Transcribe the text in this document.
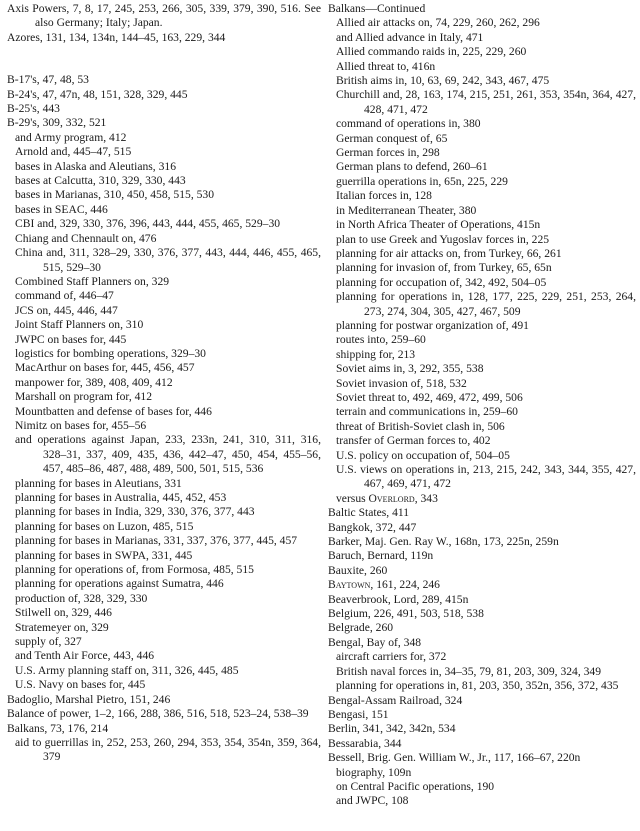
Axis Powers, 7, 8, 17, 245, 253, 266, 305, 339, 379, 390, 516. See also Germany; Italy; Japan.
Azores, 131, 134, 134n, 144–45, 163, 229, 344
B-17's, 47, 48, 53
B-24's, 47, 47n, 48, 151, 328, 329, 445
B-25's, 443
B-29's, 309, 332, 521
and Army program, 412
Arnold and, 445–47, 515
bases in Alaska and Aleutians, 316
bases at Calcutta, 310, 329, 330, 443
bases in Marianas, 310, 450, 458, 515, 530
bases in SEAC, 446
CBI and, 329, 330, 376, 396, 443, 444, 455, 465, 529–30
Chiang and Chennault on, 476
China and, 311, 328–29, 330, 376, 377, 443, 444, 446, 455, 465, 515, 529–30
Combined Staff Planners on, 329
command of, 446–47
JCS on, 445, 446, 447
Joint Staff Planners on, 310
JWPC on bases for, 445
logistics for bombing operations, 329–30
MacArthur on bases for, 445, 456, 457
manpower for, 389, 408, 409, 412
Marshall on program for, 412
Mountbatten and defense of bases for, 446
Nimitz on bases for, 455–56
and operations against Japan, 233, 233n, 241, 310, 311, 316, 328–31, 337, 409, 435, 436, 442–47, 450, 454, 455–56, 457, 485–86, 487, 488, 489, 500, 501, 515, 536
planning for bases in Aleutians, 331
planning for bases in Australia, 445, 452, 453
planning for bases in India, 329, 330, 376, 377, 443
planning for bases on Luzon, 485, 515
planning for bases in Marianas, 331, 337, 376, 377, 445, 457
planning for bases in SWPA, 331, 445
planning for operations of, from Formosa, 485, 515
planning for operations against Sumatra, 446
production of, 328, 329, 330
Stilwell on, 329, 446
Stratemeyer on, 329
supply of, 327
and Tenth Air Force, 443, 446
U.S. Army planning staff on, 311, 326, 445, 485
U.S. Navy on bases for, 445
Badoglio, Marshal Pietro, 151, 246
Balance of power, 1–2, 166, 288, 386, 516, 518, 523–24, 538–39
Balkans, 73, 176, 214
aid to guerrillas in, 252, 253, 260, 294, 353, 354, 354n, 359, 364, 379
Balkans—Continued
Allied air attacks on, 74, 229, 260, 262, 296
and Allied advance in Italy, 471
Allied commando raids in, 225, 229, 260
Allied threat to, 416n
British aims in, 10, 63, 69, 242, 343, 467, 475
Churchill and, 28, 163, 174, 215, 251, 261, 353, 354n, 364, 427, 428, 471, 472
command of operations in, 380
German conquest of, 65
German forces in, 298
German plans to defend, 260–61
guerrilla operations in, 65n, 225, 229
Italian forces in, 128
in Mediterranean Theater, 380
in North Africa Theater of Operations, 415n
plan to use Greek and Yugoslav forces in, 225
planning for air attacks on, from Turkey, 66, 261
planning for invasion of, from Turkey, 65, 65n
planning for occupation of, 342, 492, 504–05
planning for operations in, 128, 177, 225, 229, 251, 253, 264, 273, 274, 304, 305, 427, 467, 509
planning for postwar organization of, 491
routes into, 259–60
shipping for, 213
Soviet aims in, 3, 292, 355, 538
Soviet invasion of, 518, 532
Soviet threat to, 492, 469, 472, 499, 506
terrain and communications in, 259–60
threat of British-Soviet clash in, 506
transfer of German forces to, 402
U.S. policy on occupation of, 504–05
U.S. views on operations in, 213, 215, 242, 343, 344, 355, 427, 467, 469, 471, 472
versus Overlord, 343
Baltic States, 411
Bangkok, 372, 447
Barker, Maj. Gen. Ray W., 168n, 173, 225n, 259n
Baruch, Bernard, 119n
Bauxite, 260
Baytown, 161, 224, 246
Beaverbrook, Lord, 289, 415n
Belgium, 226, 491, 503, 518, 538
Belgrade, 260
Bengal, Bay of, 348
aircraft carriers for, 372
British naval forces in, 34–35, 79, 81, 203, 309, 324, 349
planning for operations in, 81, 203, 350, 352n, 356, 372, 435
Bengal-Assam Railroad, 324
Bengasi, 151
Berlin, 341, 342, 342n, 534
Bessarabia, 344
Bessell, Brig. Gen. William W., Jr., 117, 166–67, 220n
biography, 109n
on Central Pacific operations, 190
and JWPC, 108
